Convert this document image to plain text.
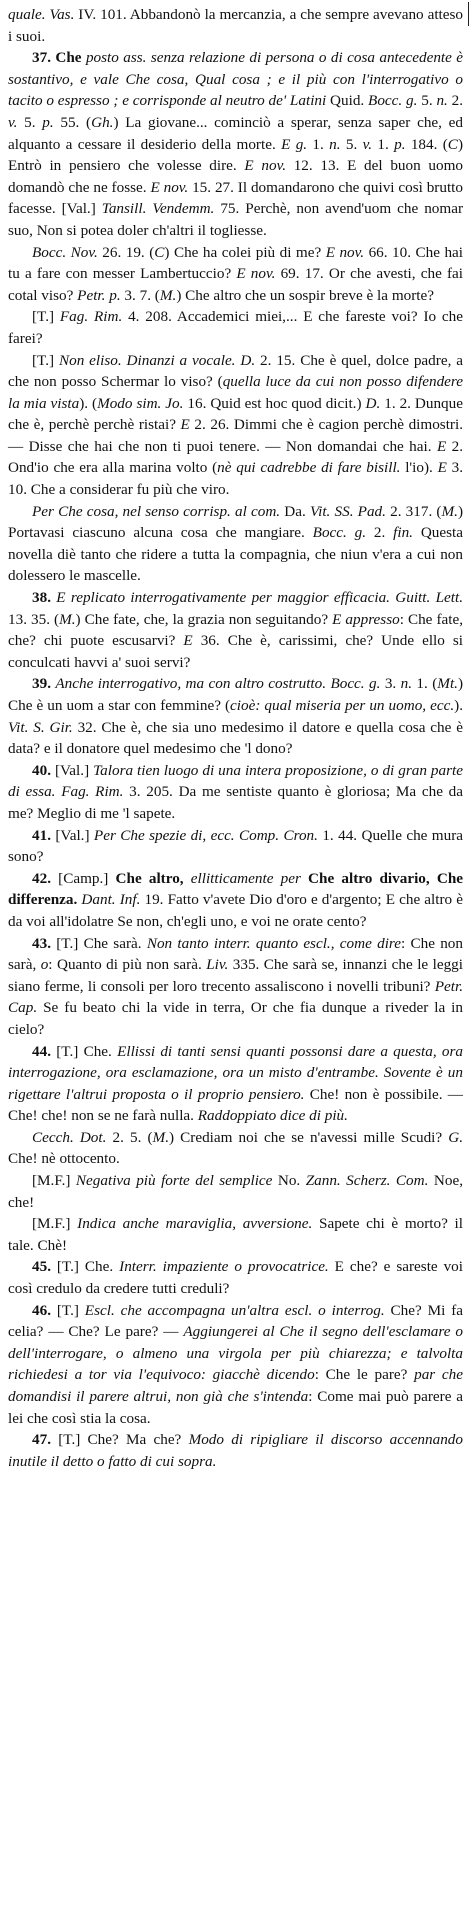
quale. Vas. IV. 101. Abbandonò la mercanzia, a che sempre avevano atteso i suoi.

37. Che posto ass. senza relazione di persona o di cosa antecedente è sostantivo, e vale Che cosa, Qual cosa ; e il più con l'interrogativo o tacito o espresso ; e corrisponde al neutro de' Latini Quid. Bocc. g. 5. n. 2. v. 5. p. 55. (Gh.) La giovane... cominciò a sperar, senza saper che, ed alquanto a cessare il desiderio della morte. E g. 1. n. 5. v. 1. p. 184. (C) Entrò in pensiero che volesse dire. E nov. 12. 13. E del buon uomo domandò che ne fosse. E nov. 15. 27. Il domandarono che quivi così brutto facesse. [Val.] Tansill. Vendemm. 75. Perchè, non avend'uom che nomar suo, Non si potea doler ch'altri il togliesse.

Bocc. Nov. 26. 19. (C) Che ha colei più di me? E nov. 66. 10. Che hai tu a fare con messer Lambertuccio? E nov. 69. 17. Or che avesti, che fai cotal viso? Petr. p. 3. 7. (M.) Che altro che un sospir breve è la morte?

[T.] Fag. Rim. 4. 208. Accademici miei,... E che fareste voi? Io che farei?

[T.] Non eliso. Dinanzi a vocale. D. 2. 15. Che è quel, dolce padre, a che non posso Schermar lo viso? (quella luce da cui non posso difendere la mia vista). (Modo sim. Jo. 16. Quid est hoc quod dicit.) D. 1. 2. Dunque che è, perchè perchè ristai? E 2. 26. Dimmi che è cagion perchè dimostri. — Disse che hai che non ti puoi tenere. — Non domandai che hai. E 2. Ond'io che era alla marina volto (nè qui cadrebbe di fare bisill. l'io). E 3. 10. Che a considerar fu più che viro.

Per Che cosa, nel senso corrisp. al com. Da. Vit. SS. Pad. 2. 317. (M.) Portavasi ciascuno alcuna cosa che mangiare. Bocc. g. 2. fin. Questa novella diè tanto che ridere a tutta la compagnia, che niun v'era a cui non dolessero le mascelle.

38. E replicato interrogativamente per maggior efficacia. Guitt. Lett. 13. 35. (M.) Che fate, che, la grazia non seguitando? E appresso: Che fate, che? chi puote escusarvi? E 36. Che è, carissimi, che? Unde ello si conculcati havvi a' suoi servi?

39. Anche interrogativo, ma con altro costrutto. Bocc. g. 3. n. 1. (Mt.) Che è un uom a star con femmine? (cioè: qual miseria per un uomo, ecc.). Vit. S. Gir. 32. Che è, che sia uno medesimo il datore e quella cosa che è data? e il donatore quel medesimo che 'l dono?

40. [Val.] Talora tien luogo di una intera proposizione, o di gran parte di essa. Fag. Rim. 3. 205. Da me sentiste quanto è gloriosa; Ma che da me? Meglio di me 'l sapete.

41. [Val.] Per Che spezie di, ecc. Comp. Cron. 1. 44. Quelle che mura sono?

42. [Camp.] Che altro, ellitticamente per Che altro divario, Che differenza. Dant. Inf. 19. Fatto v'avete Dio d'oro e d'argento; E che altro è da voi all'idolatre Se non, ch'egli uno, e voi ne orate cento?

43. [T.] Che sarà. Non tanto interr. quanto escl., come dire: Che non sarà, o: Quanto di più non sarà. Liv. 335. Che sarà se, innanzi che le leggi siano ferme, li consoli per loro trecento assaliscono i novelli tribuni? Petr. Cap. Se fu beato chi la vide in terra, Or che fia dunque a riveder la in cielo?

44. [T.] Che. Ellissi di tanti sensi quanti possonsi dare a questa, ora interrogazione, ora esclamazione, ora un misto d'entrambe. Sovente è un rigettare l'altrui proposta o il proprio pensiero. Che! non è possibile. — Che! che! non se ne farà nulla. Raddoppiato dice di più.

Cecch. Dot. 2. 5. (M.) Crediam noi che se n'avessi mille Scudi? G. Che! nè ottocento.

[M.F.] Negativa più forte del semplice No. Zann. Scherz. Com. Noe, che!

[M.F.] Indica anche maraviglia, avversione. Sapete chi è morto? il tale. Chè!

45. [T.] Che. Interr. impaziente o provocatrice. E che? e sareste voi così credulo da credere tutti creduli?

46. [T.] Escl. che accompagna un'altra escl. o interrog. Che? Mi fa celia? — Che? Le pare? — Aggiungerei al Che il segno dell'esclamare o dell'interrogare, o almeno una virgola per più chiarezza; e talvolta richiedesi a tor via l'equivoco: giacchè dicendo: Che le pare? par che domandisi il parere altrui, non già che s'intenda: Come mai può parere a lei che così stia la cosa.

47. [T.] Che? Ma che? Modo di ripigliare il discorso accennando inutile il detto o fatto di cui sopra.
